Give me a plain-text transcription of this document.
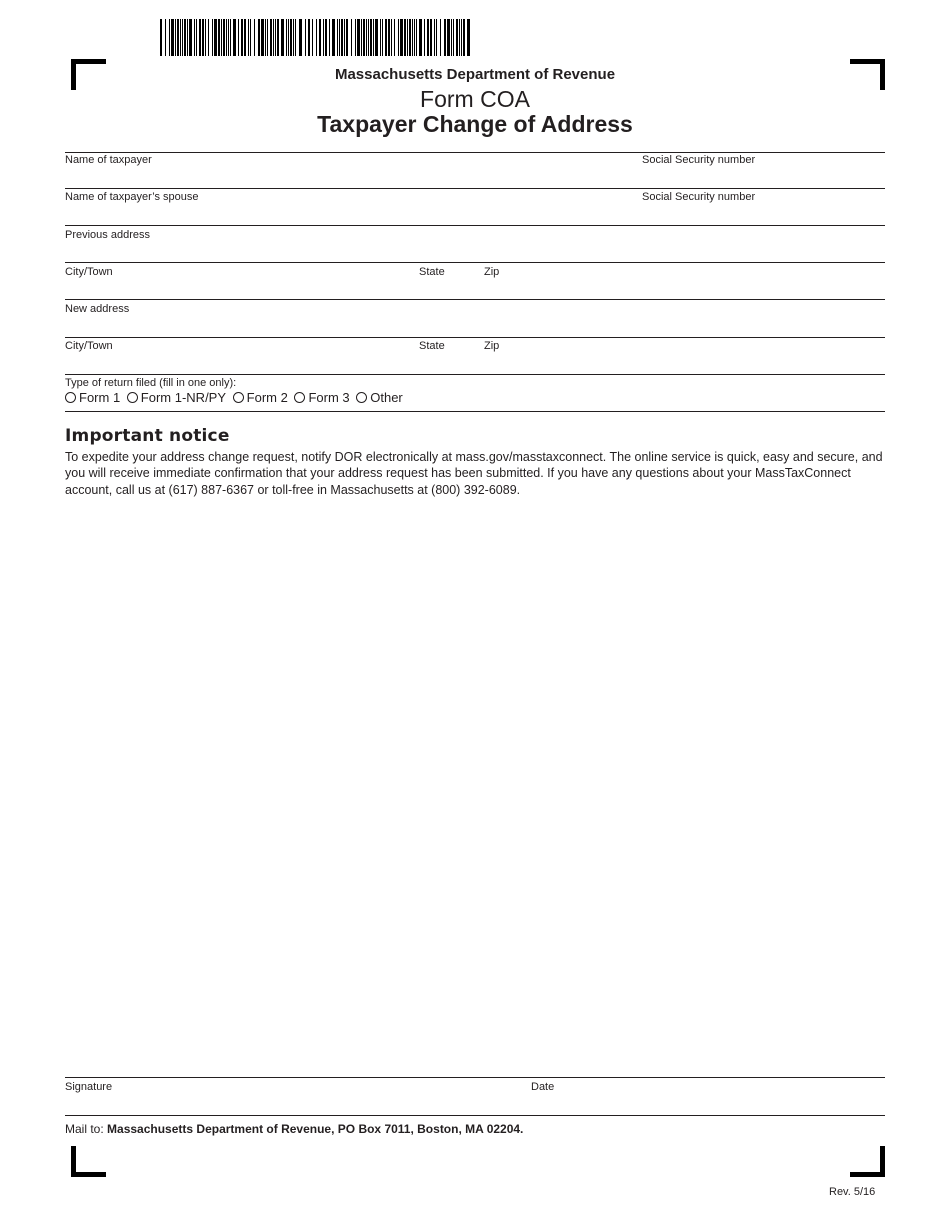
Massachusetts Department of Revenue
Form COA
Taxpayer Change of Address
Name of taxpayer	Social Security number
Name of taxpayer’s spouse	Social Security number
Previous address
City/Town	State	Zip
New address
City/Town	State	Zip
Type of return filed (fill in one only):
Form 1 Form 1-NR/PY Form 2 Form 3 Other
Important notice
To expedite your address change request, notify DOR electronically at mass.gov/masstaxconnect. The online service is quick, easy and secure, and you will receive immediate confirmation that your address request has been submitted. If you have any questions about your MassTaxConnect account, call us at (617) 887-6367 or toll-free in Massachusetts at (800) 392-6089.
Signature	Date
Mail to: Massachusetts Department of Revenue, PO Box 7011, Boston, MA 02204.
Rev. 5/16
